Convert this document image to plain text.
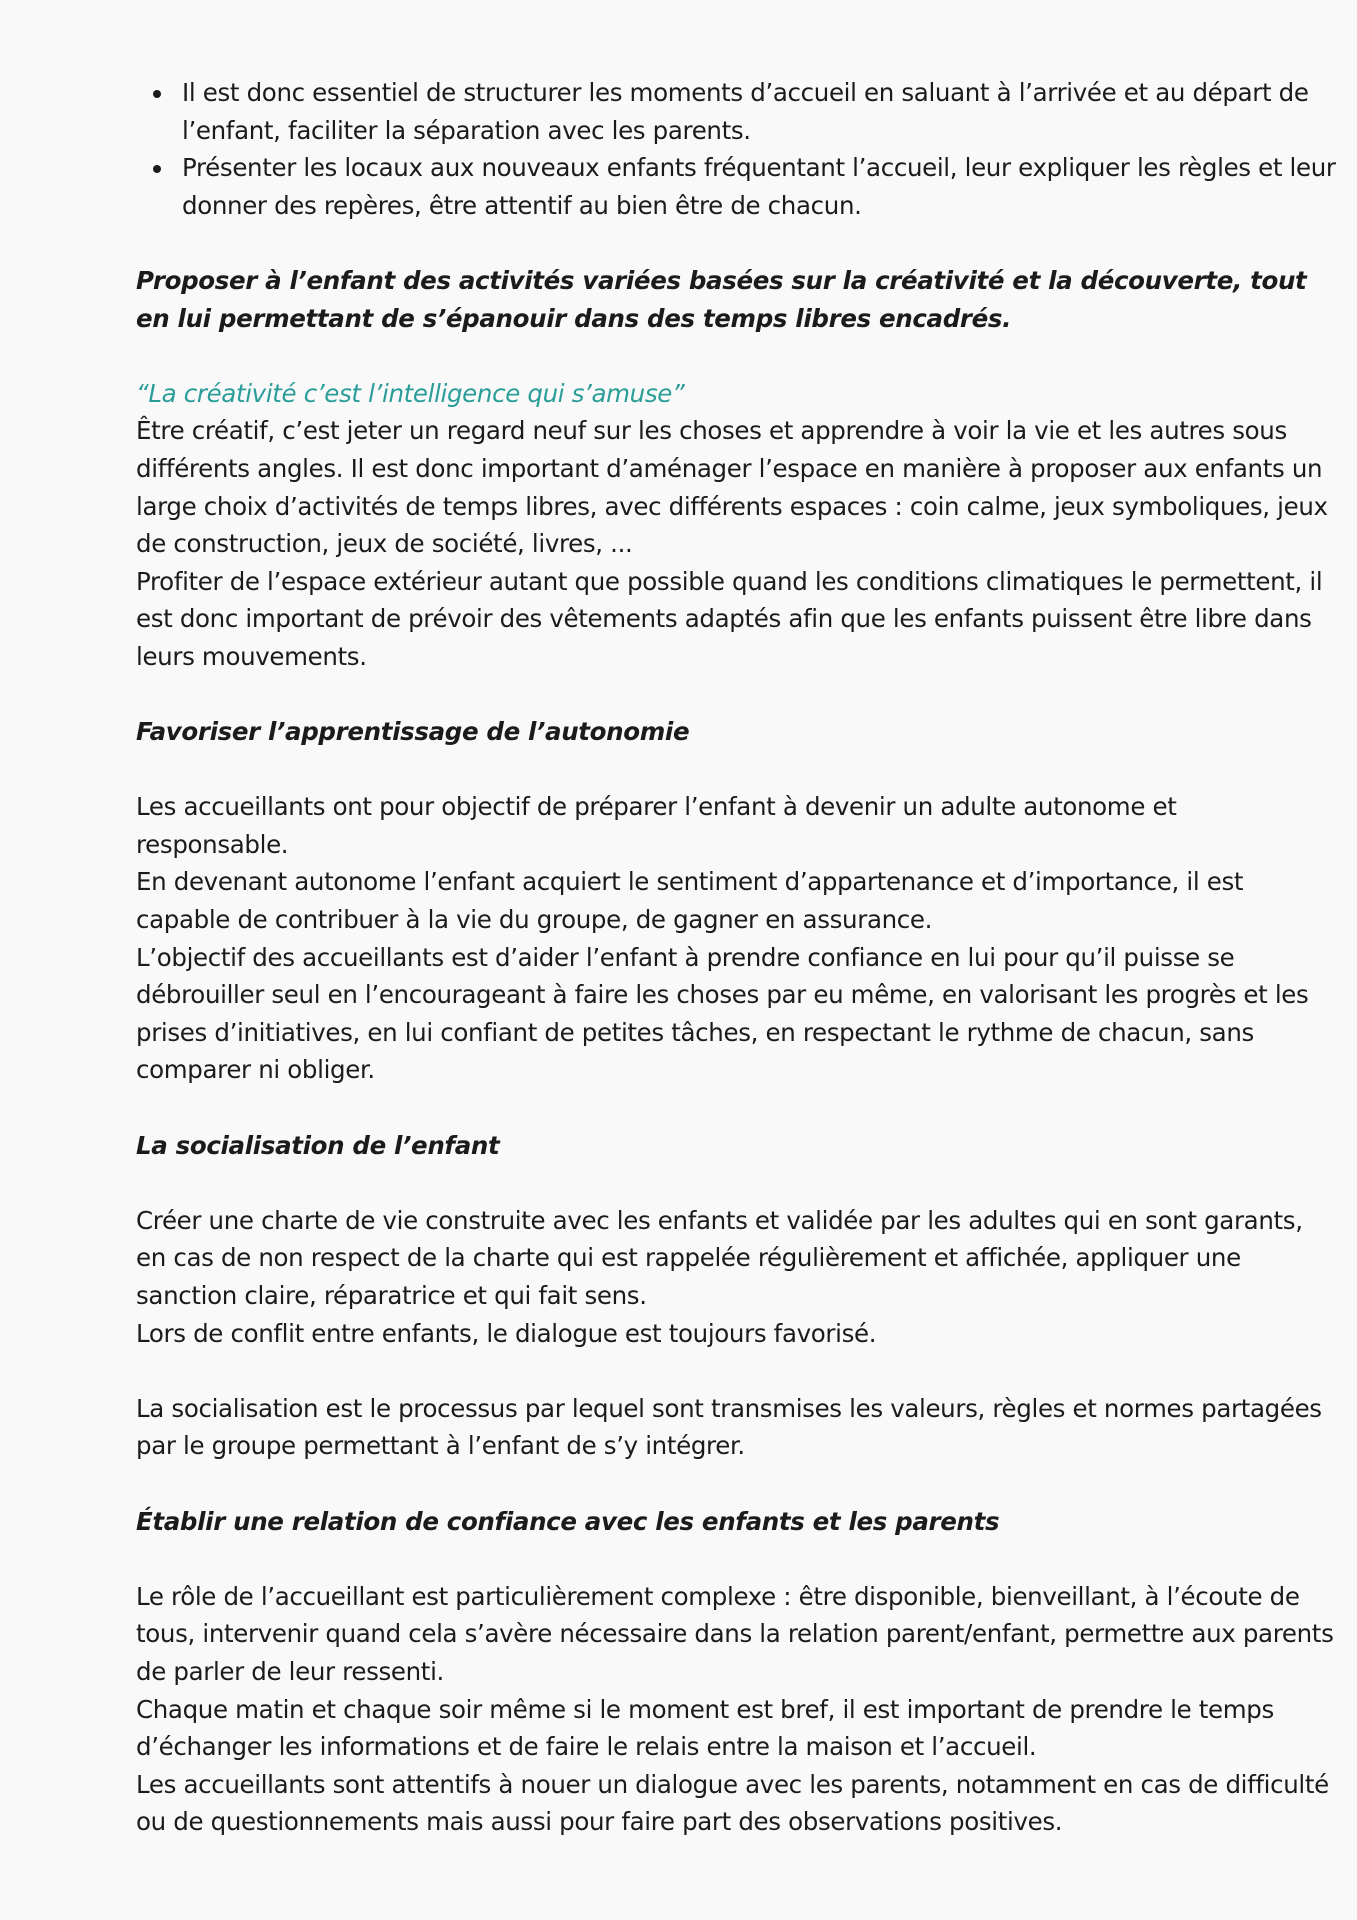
Il est donc essentiel de structurer les moments d’accueil en saluant à l’arrivée et au départ de l’enfant, faciliter la séparation avec les parents.
Présenter les locaux aux nouveaux enfants fréquentant l’accueil, leur expliquer les règles et leur donner des repères, être attentif au bien être de chacun.

Proposer à l’enfant des activités variées basées sur la créativité et la découverte, tout en lui permettant de s’épanouir dans des temps libres encadrés.

“La créativité c’est l’intelligence qui s’amuse”

Être créatif, c’est jeter un regard neuf sur les choses et apprendre à voir la vie et les autres sous différents angles. Il est donc important d’aménager l’espace en manière à proposer aux enfants un large choix d’activités de temps libres, avec différents espaces : coin calme, jeux symboliques, jeux de construction, jeux de société, livres, ...

Profiter de l’espace extérieur autant que possible quand les conditions climatiques le permettent, il est donc important de prévoir des vêtements adaptés afin que les enfants puissent être libre dans leurs mouvements.

Favoriser l’apprentissage de l’autonomie

Les accueillants ont pour objectif de préparer l’enfant à devenir un adulte autonome et responsable.

En devenant autonome l’enfant acquiert le sentiment d’appartenance et d’importance, il est capable de contribuer à la vie du groupe, de gagner en assurance.

L’objectif des accueillants est d’aider l’enfant à prendre confiance en lui pour qu’il puisse se débrouiller seul en l’encourageant à faire les choses par eu même, en valorisant les progrès et les prises d’initiatives, en lui confiant de petites tâches, en respectant le rythme de chacun, sans comparer ni obliger.

La socialisation de l’enfant

Créer une charte de vie construite avec les enfants et validée par les adultes qui en sont garants, en cas de non respect de la charte qui est rappelée régulièrement et affichée, appliquer une sanction claire, réparatrice et qui fait sens.

Lors de conflit entre enfants, le dialogue est toujours favorisé.

La socialisation est le processus par lequel sont transmises les valeurs, règles et normes partagées par le groupe permettant à l’enfant de s’y intégrer.

Établir une relation de confiance avec les enfants et les parents

Le rôle de l’accueillant est particulièrement complexe : être disponible, bienveillant, à l’écoute de tous, intervenir quand cela s’avère nécessaire dans la relation parent/enfant, permettre aux parents de parler de leur ressenti.

Chaque matin et chaque soir même si le moment est bref, il est important de prendre le temps d’échanger les informations et de faire le relais entre la maison et l’accueil.

Les accueillants sont attentifs à nouer un dialogue avec les parents, notamment en cas de difficulté ou de questionnements mais aussi pour faire part des observations positives.
